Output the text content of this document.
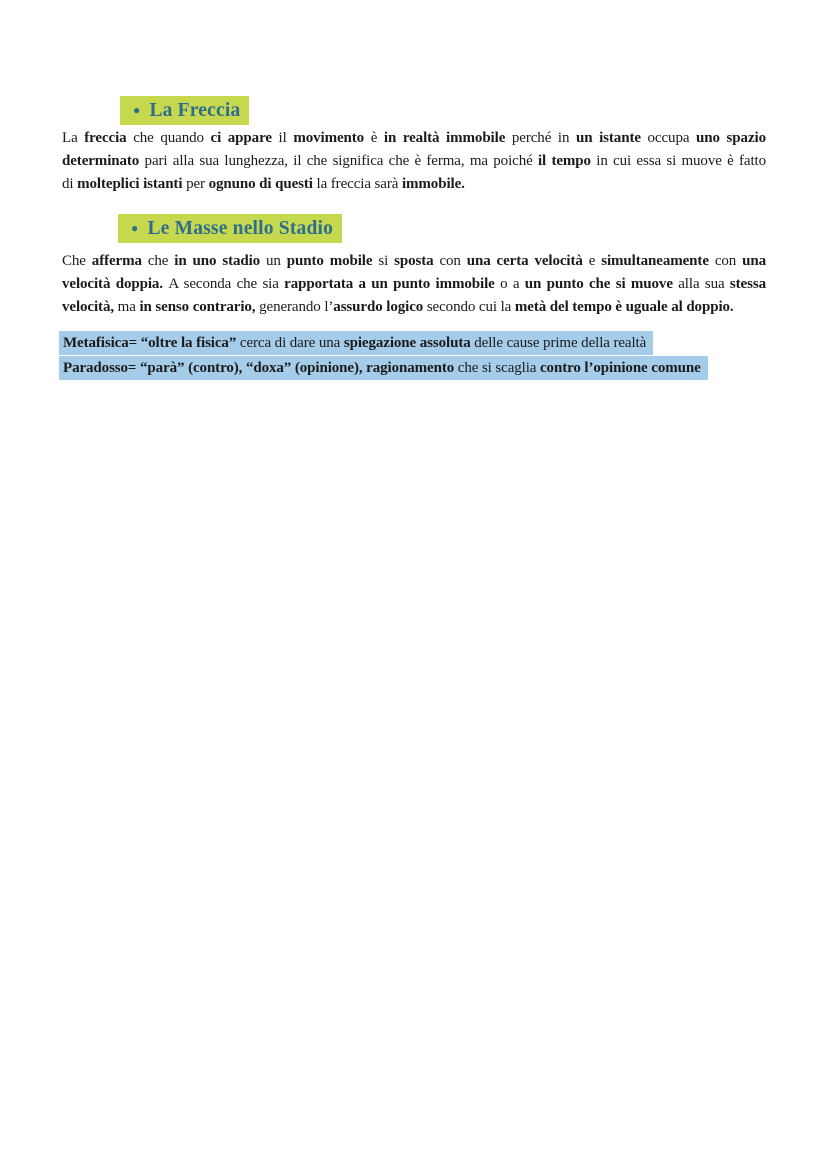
● La Freccia
La freccia che quando ci appare il movimento è in realtà immobile perché in un istante occupa uno spazio
determinato pari alla sua lunghezza, il che significa che è ferma, ma poiché il tempo in cui essa si muove è fatto
di molteplici istanti per ognuno di questi la freccia sarà immobile.
● Le Masse nello Stadio
Che afferma che in uno stadio un punto mobile si sposta con una certa velocità e simultaneamente con una
velocità doppia. A seconda che sia rapportata a un punto immobile o a un punto che si muove alla sua stessa
velocità, ma in senso contrario, generando l’assurdo logico secondo cui la metà del tempo è uguale al doppio.
Metafisica= “oltre la fisica” cerca di dare una spiegazione assoluta delle cause prime della realtà
Paradosso= “parà” (contro), “doxa” (opinione), ragionamento che si scaglia contro l’opinione comune
